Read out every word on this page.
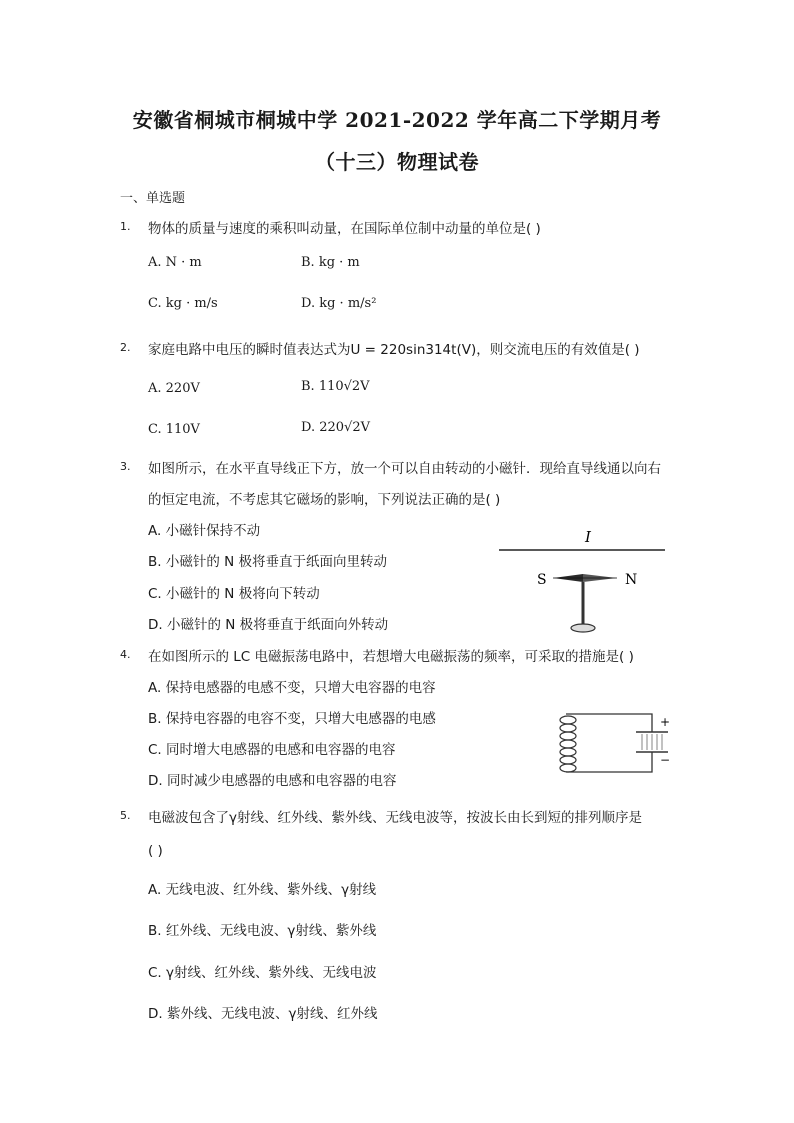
安徽省桐城市桐城中学 2021-2022 学年高二下学期月考
（十三）物理试卷
一、单选题
1. 物体的质量与速度的乘积叫动量，在国际单位制中动量的单位是( )
A. N · m	B. kg · m
C. kg · m/s	D. kg · m/s²
2. 家庭电路中电压的瞬时值表达式为U = 220sin314t(V)，则交流电压的有效值是( )
A. 220V	B. 110√2V
C. 110V	D. 220√2V
3. 如图所示，在水平直导线正下方，放一个可以自由转动的小磁针．现给直导线通以向右
的恒定电流，不考虑其它磁场的影响，下列说法正确的是( )
A. 小磁针保持不动
B. 小磁针的 N 极将垂直于纸面向里转动
C. 小磁针的 N 极将向下转动
D. 小磁针的 N 极将垂直于纸面向外转动
I
S	N
4. 在如图所示的 LC 电磁振荡电路中，若想增大电磁振荡的频率，可采取的措施是( )
A. 保持电感器的电感不变，只增大电容器的电容
B. 保持电容器的电容不变，只增大电感器的电感
C. 同时增大电感器的电感和电容器的电容
D. 同时减少电感器的电感和电容器的电容
+
−
5. 电磁波包含了γ射线、红外线、紫外线、无线电波等，按波长由长到短的排列顺序是
( )
A. 无线电波、红外线、紫外线、γ射线
B. 红外线、无线电波、γ射线、紫外线
C. γ射线、红外线、紫外线、无线电波
D. 紫外线、无线电波、γ射线、红外线
